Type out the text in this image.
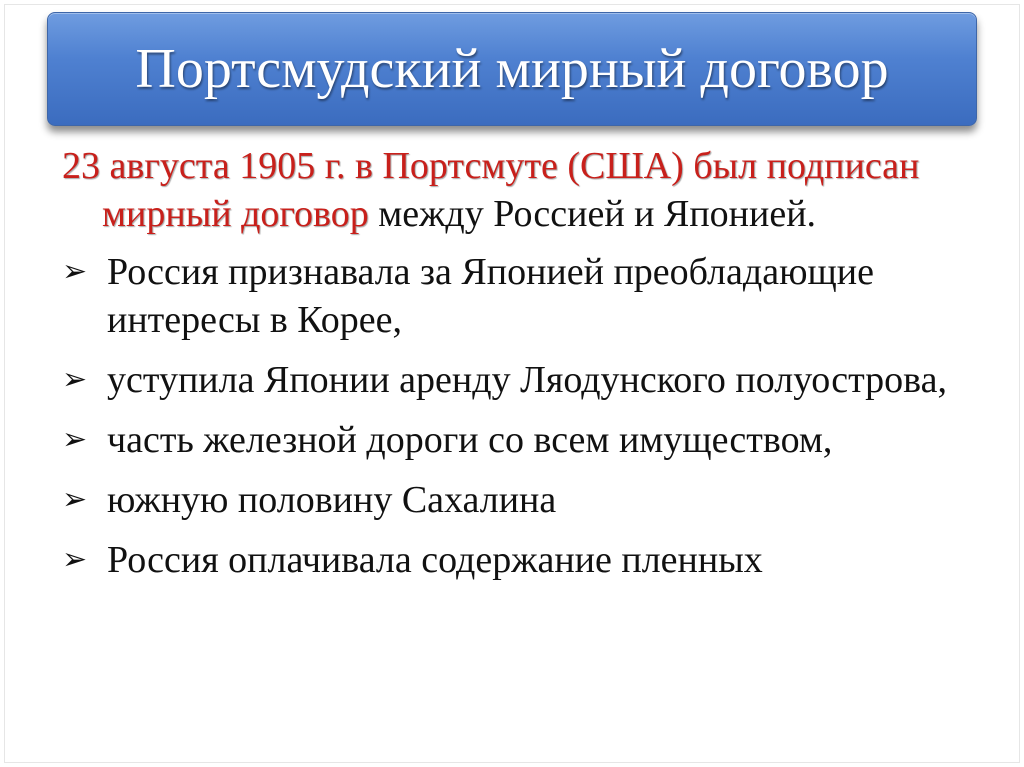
Портсмудский мирный договор

23 августа 1905 г. в Портсмуте (США) был подписан мирный договор между Россией и Японией.

➢ Россия признавала за Японией преобладающие интересы в Корее,
➢ уступила Японии аренду Ляодунского полуострова,
➢ часть железной дороги со всем имуществом,
➢ южную половину Сахалина
➢ Россия оплачивала содержание пленных
